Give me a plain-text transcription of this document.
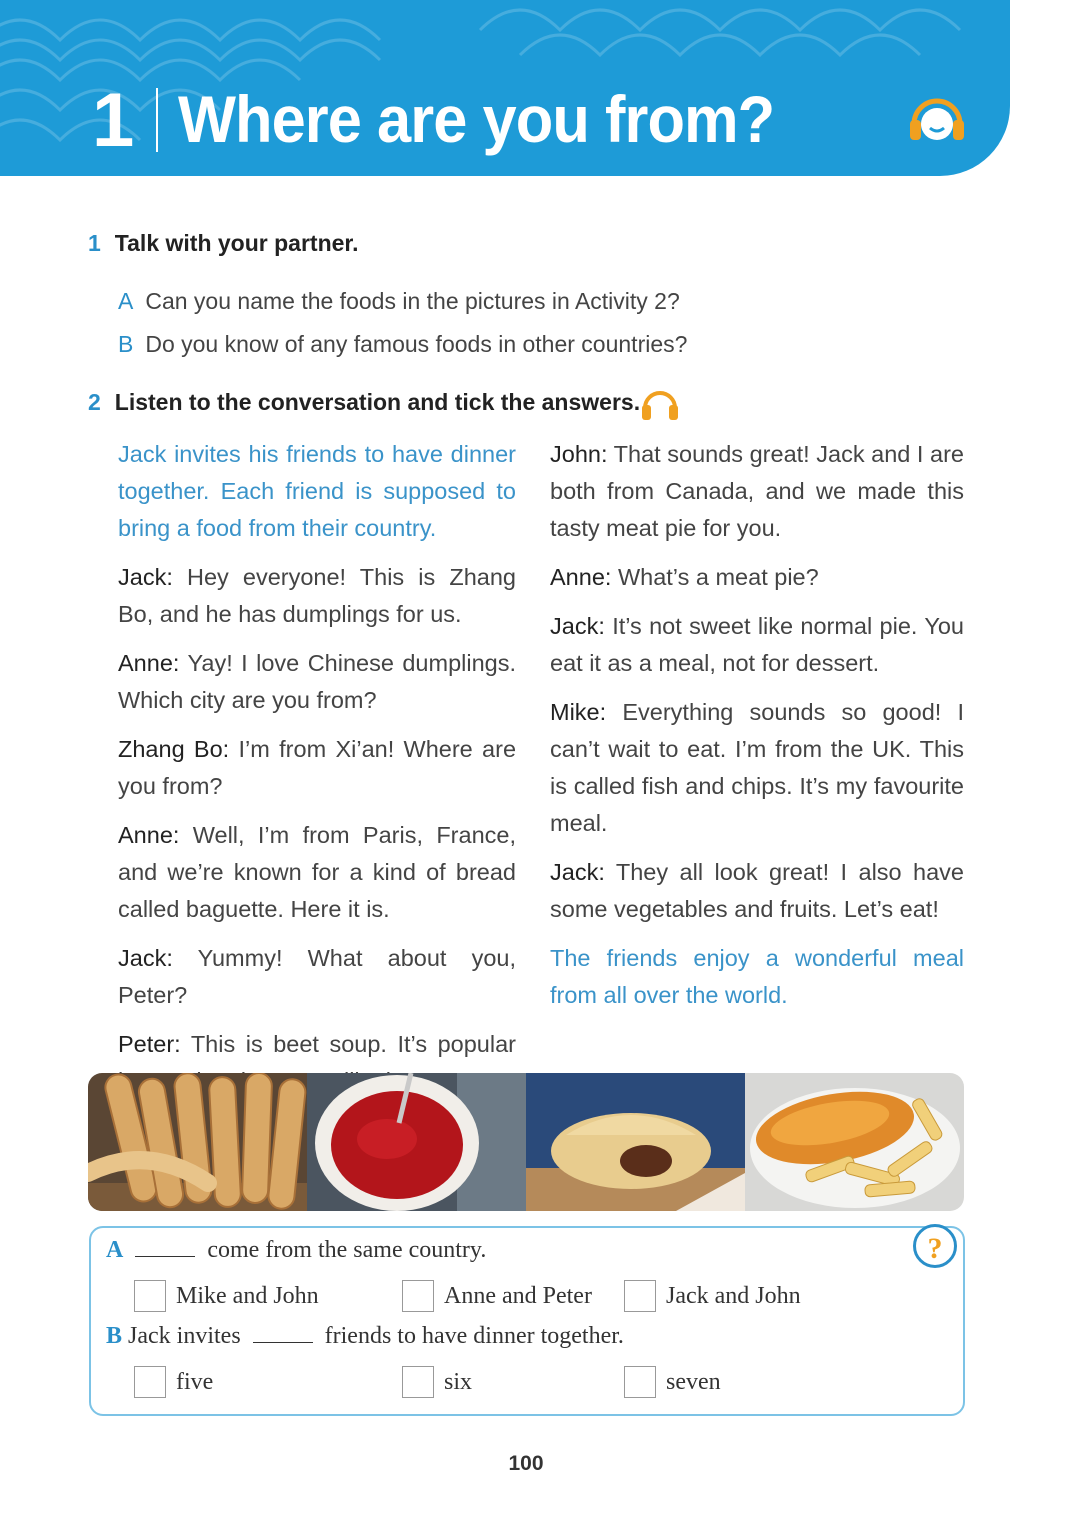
1 Where are you from?
1 Talk with your partner.
A Can you name the foods in the pictures in Activity 2?
B Do you know of any famous foods in other countries?
2 Listen to the conversation and tick the answers.

Jack invites his friends to have dinner together. Each friend is supposed to bring a food from their country.

Jack: Hey everyone! This is Zhang Bo, and he has dumplings for us.

Anne: Yay! I love Chinese dumplings. Which city are you from?

Zhang Bo: I’m from Xi’an! Where are you from?

Anne: Well, I’m from Paris, France, and we’re known for a kind of bread called baguette. Here it is.

Jack: Yummy! What about you, Peter?

Peter: This is beet soup. It’s popular

John: That sounds great! Jack and I are both from Canada, and we made this tasty meat pie for you.

Anne: What’s a meat pie?

Jack: It’s not sweet like normal pie. You eat it as a meal, not for dessert.

Mike: Everything sounds so good! I can’t wait to eat. I’m from the UK. This is called fish and chips. It’s my favourite meal.

Jack: They all look great! I also have some vegetables and fruits. Let’s eat!

The friends enjoy a wonderful meal from all over the world.

?
A	come from the same country.
Mike and John	Anne and Peter	Jack and John
B Jack invites	friends to have dinner together.
five	six	seven
100
